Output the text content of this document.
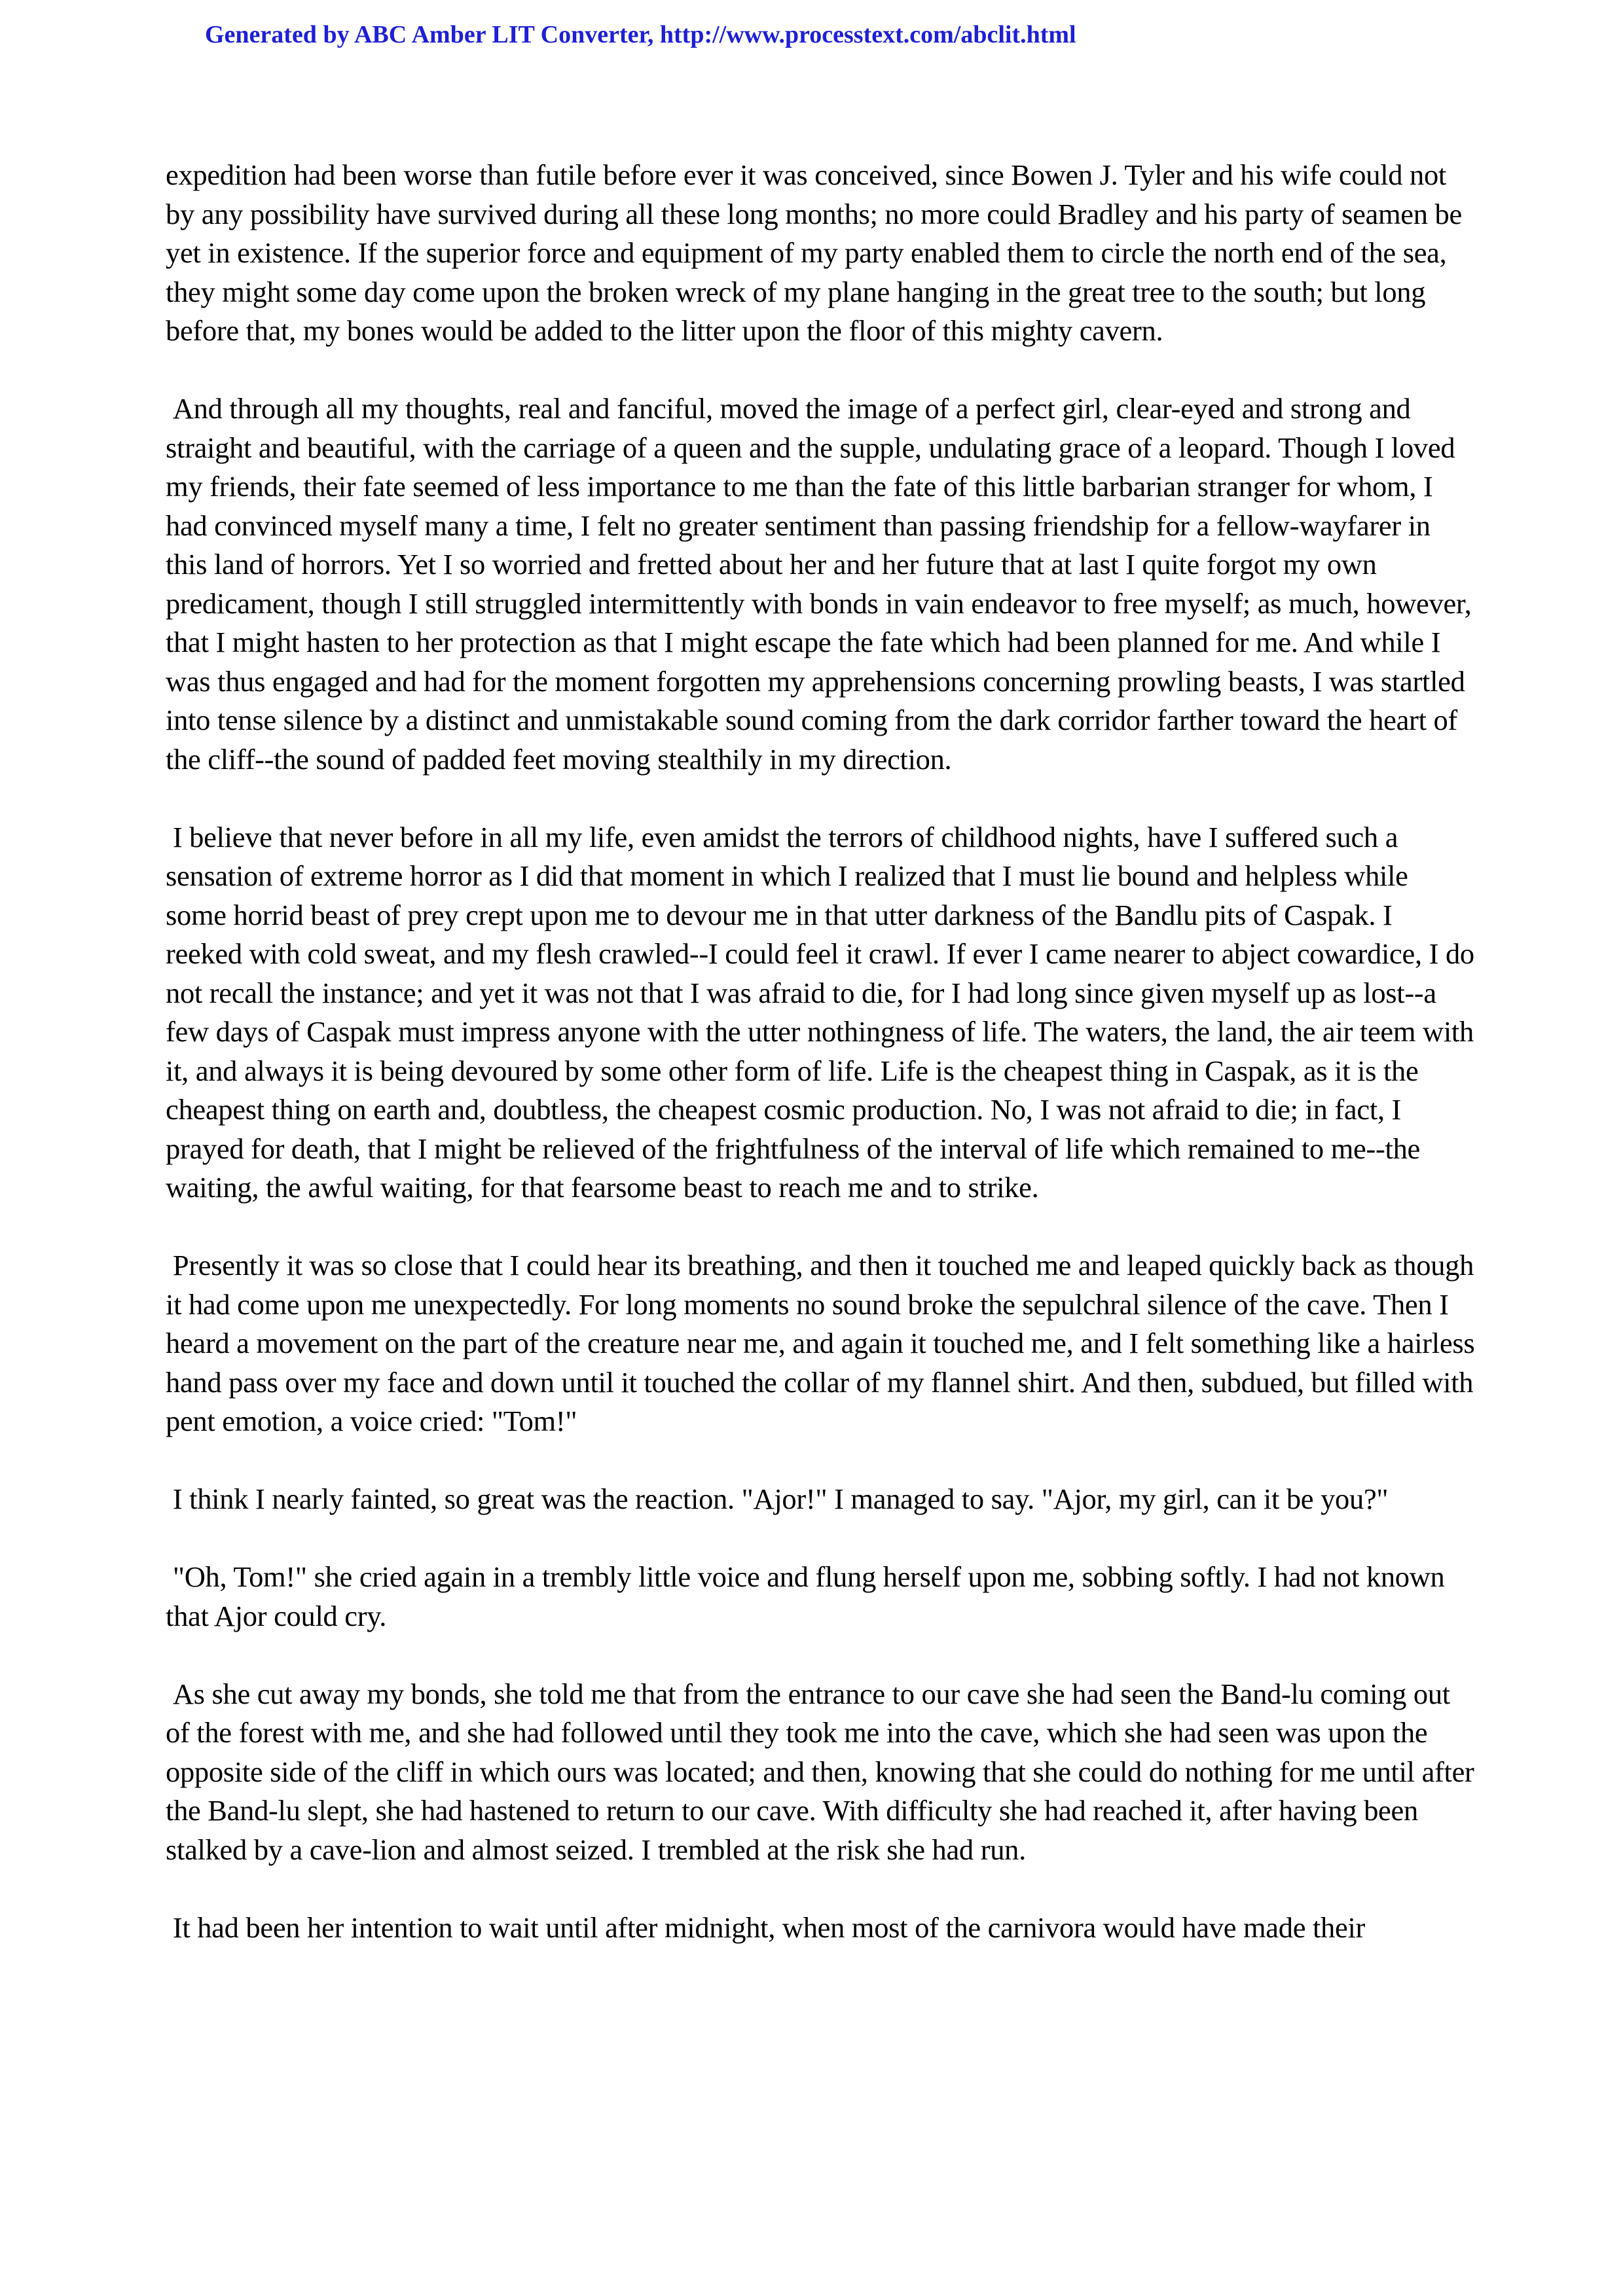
Generated by ABC Amber LIT Converter, http://www.processtext.com/abclit.html

expedition had been worse than futile before ever it was conceived, since Bowen J. Tyler and his wife could not by any possibility have survived during all these long months; no more could Bradley and his party of seamen be yet in existence. If the superior force and equipment of my party enabled them to circle the north end of the sea, they might some day come upon the broken wreck of my plane hanging in the great tree to the south; but long before that, my bones would be added to the litter upon the floor of this mighty cavern.

And through all my thoughts, real and fanciful, moved the image of a perfect girl, clear-eyed and strong and straight and beautiful, with the carriage of a queen and the supple, undulating grace of a leopard. Though I loved my friends, their fate seemed of less importance to me than the fate of this little barbarian stranger for whom, I had convinced myself many a time, I felt no greater sentiment than passing friendship for a fellow-wayfarer in this land of horrors. Yet I so worried and fretted about her and her future that at last I quite forgot my own predicament, though I still struggled intermittently with bonds in vain endeavor to free myself; as much, however, that I might hasten to her protection as that I might escape the fate which had been planned for me. And while I was thus engaged and had for the moment forgotten my apprehensions concerning prowling beasts, I was startled into tense silence by a distinct and unmistakable sound coming from the dark corridor farther toward the heart of the cliff--the sound of padded feet moving stealthily in my direction.

I believe that never before in all my life, even amidst the terrors of childhood nights, have I suffered such a sensation of extreme horror as I did that moment in which I realized that I must lie bound and helpless while some horrid beast of prey crept upon me to devour me in that utter darkness of the Bandlu pits of Caspak. I reeked with cold sweat, and my flesh crawled--I could feel it crawl. If ever I came nearer to abject cowardice, I do not recall the instance; and yet it was not that I was afraid to die, for I had long since given myself up as lost--a few days of Caspak must impress anyone with the utter nothingness of life. The waters, the land, the air teem with it, and always it is being devoured by some other form of life. Life is the cheapest thing in Caspak, as it is the cheapest thing on earth and, doubtless, the cheapest cosmic production. No, I was not afraid to die; in fact, I prayed for death, that I might be relieved of the frightfulness of the interval of life which remained to me--the waiting, the awful waiting, for that fearsome beast to reach me and to strike.

Presently it was so close that I could hear its breathing, and then it touched me and leaped quickly back as though it had come upon me unexpectedly. For long moments no sound broke the sepulchral silence of the cave. Then I heard a movement on the part of the creature near me, and again it touched me, and I felt something like a hairless hand pass over my face and down until it touched the collar of my flannel shirt. And then, subdued, but filled with pent emotion, a voice cried: "Tom!"

I think I nearly fainted, so great was the reaction. "Ajor!" I managed to say. "Ajor, my girl, can it be you?"

"Oh, Tom!" she cried again in a trembly little voice and flung herself upon me, sobbing softly. I had not known that Ajor could cry.

As she cut away my bonds, she told me that from the entrance to our cave she had seen the Band-lu coming out of the forest with me, and she had followed until they took me into the cave, which she had seen was upon the opposite side of the cliff in which ours was located; and then, knowing that she could do nothing for me until after the Band-lu slept, she had hastened to return to our cave. With difficulty she had reached it, after having been stalked by a cave-lion and almost seized. I trembled at the risk she had run.

It had been her intention to wait until after midnight, when most of the carnivora would have made their
